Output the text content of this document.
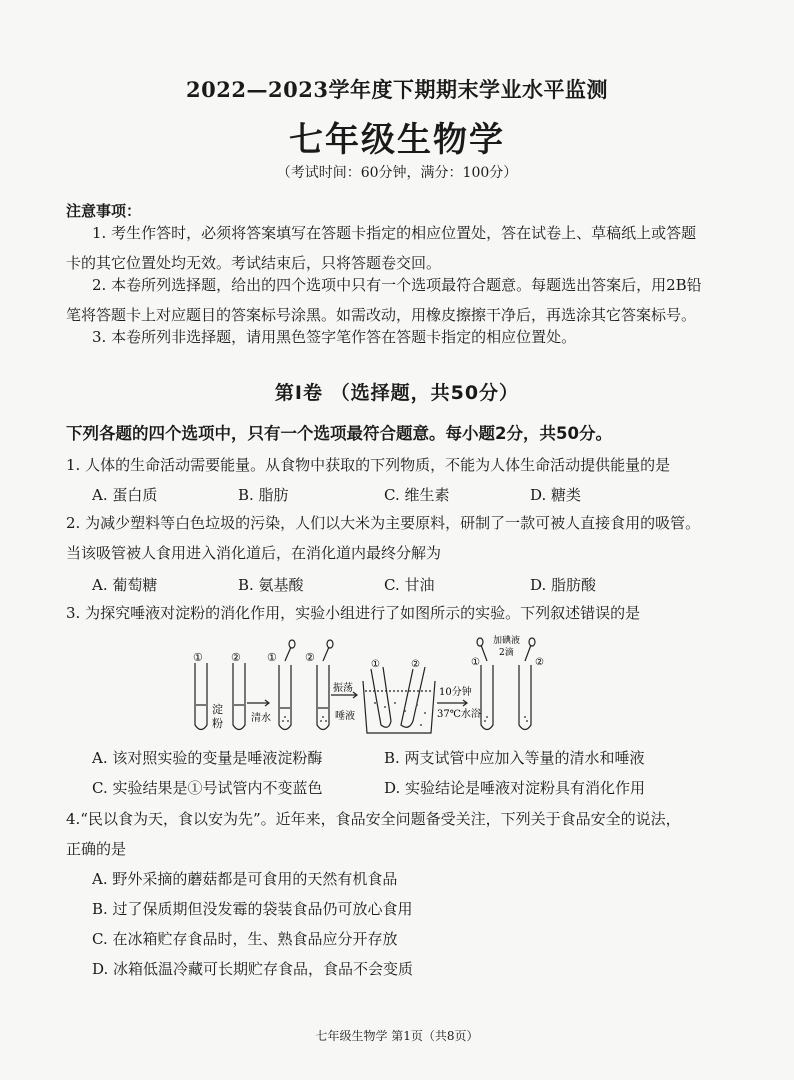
2022—2023学年度下期期末学业水平监测
七年级生物学
（考试时间：60分钟，满分：100分）
注意事项：
1. 考生作答时，必须将答案填写在答题卡指定的相应位置处，答在试卷上、草稿纸上或答题
卡的其它位置处均无效。考试结束后，只将答题卷交回。
2. 本卷所列选择题，给出的四个选项中只有一个选项最符合题意。每题选出答案后，用2B铅
笔将答题卡上对应题目的答案标号涂黑。如需改动，用橡皮擦擦干净后，再选涂其它答案标号。
3. 本卷所列非选择题，请用黑色签字笔作答在答题卡指定的相应位置处。
第Ⅰ卷 （选择题，共50分）
下列各题的四个选项中，只有一个选项最符合题意。每小题2分，共50分。
1. 人体的生命活动需要能量。从食物中获取的下列物质，不能为人体生命活动提供能量的是
A. 蛋白质	B. 脂肪	C. 维生素	D. 糖类
2. 为减少塑料等白色垃圾的污染，人们以大米为主要原料，研制了一款可被人直接食用的吸管。
当该吸管被人食用进入消化道后，在消化道内最终分解为
A. 葡萄糖	B. 氨基酸	C. 甘油	D. 脂肪酸
3. 为探究唾液对淀粉的消化作用，实验小组进行了如图所示的实验。下列叙述错误的是
①	②
淀
粉	清水
①	②
振荡
唾液
①	②
10分钟
37℃水浴
加碘液
2滴
①	②
A. 该对照实验的变量是唾液淀粉酶	B. 两支试管中应加入等量的清水和唾液
C. 实验结果是①号试管内不变蓝色	D. 实验结论是唾液对淀粉具有消化作用
4.“民以食为天，食以安为先”。近年来，食品安全问题备受关注，下列关于食品安全的说法，
正确的是
A. 野外采摘的蘑菇都是可食用的天然有机食品
B. 过了保质期但没发霉的袋装食品仍可放心食用
C. 在冰箱贮存食品时，生、熟食品应分开存放
D. 冰箱低温冷藏可长期贮存食品，食品不会变质
七年级生物学 第1页（共8页）
